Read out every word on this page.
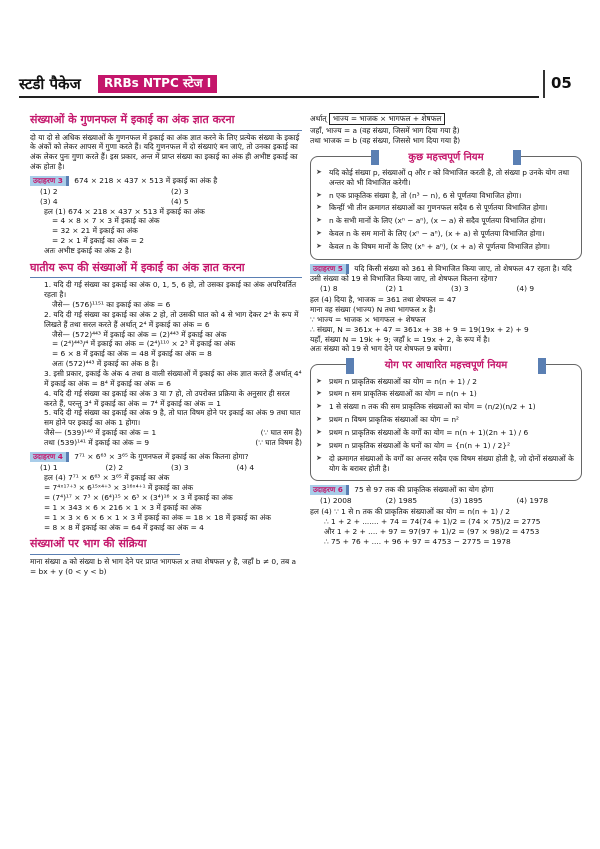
स्टडी पैकेज	RRBs NTPC स्टेज I	05
संख्याओं के गुणनफल में इकाई का अंक ज्ञात करना
दो या दो से अधिक संख्याओं के गुणनफल में इकाई का अंक ज्ञात करने के लिए प्रत्येक संख्या के इकाई के अंकों को लेकर आपस में गुणा करते हैं। यदि गुणनफल में दो संख्याएं बन जाएं, तो उनका इकाई का अंक लेकर पुनः गुणा करते हैं। इस प्रकार, अन्त में प्राप्त संख्या का इकाई का अंक ही अभीष्ट इकाई का अंक होता है।
उदाहरण 3 674 × 218 × 437 × 513 में इकाई का अंक है
(1) 2	(2) 3
(3) 4	(4) 5
हल (1) 674 × 218 × 437 × 513 में इकाई का अंक
= 4 × 8 × 7 × 3 में इकाई का अंक
= 32 × 21 में इकाई का अंक
= 2 × 1 में इकाई का अंक = 2
अतः अभीष्ट इकाई का अंक 2 है।
घातीय रूप की संख्याओं में इकाई का अंक ज्ञात करना
1. यदि दी गई संख्या का इकाई का अंक 0, 1, 5, 6 हो, तो उसका इकाई का अंक अपरिवर्तित रहता है।
जैसे— (576)¹¹⁵¹ का इकाई का अंक = 6
2. यदि दी गई संख्या का इकाई का अंक 2 हो, तो उसकी घात को 4 से भाग देकर 2⁴ के रूप में लिखते हैं तथा सरल करते हैं अर्थात् 2⁴ में इकाई का अंक = 6
जैसे— (572)⁴⁴³ में इकाई का अंक = (2)⁴⁴³ में इकाई का अंक
= (2⁴)⁴⁴³/⁴ में इकाई का अंक = (2⁴)¹¹⁰ × 2³ में इकाई का अंक
= 6 × 8 में इकाई का अंक = 48 में इकाई का अंक = 8
अतः (572)⁴⁴³ में इकाई का अंक 8 है।
3. इसी प्रकार, इकाई के अंक 4 तथा 8 वाली संख्याओं में इकाई का अंक ज्ञात करते हैं अर्थात् 4⁴ में इकाई का अंक = 8⁴ में इकाई का अंक = 6
4. यदि दी गई संख्या का इकाई का अंक 3 या 7 हो, तो उपरोक्त प्रक्रिया के अनुसार ही सरल करते हैं, परन्तु 3⁴ में इकाई का अंक = 7⁴ में इकाई का अंक = 1
5. यदि दी गई संख्या का इकाई का अंक 9 है, तो घात विषम होने पर इकाई का अंक 9 तथा घात सम होने पर इकाई का अंक 1 होगा।
जैसे— (539)¹⁴⁰ में इकाई का अंक = 1	(∵ घात सम है)
तथा (539)¹⁴¹ में इकाई का अंक = 9	(∵ घात विषम है)
उदाहरण 4 7⁷¹ × 6⁶³ × 3⁶⁵ के गुणनफल में इकाई का अंक कितना होगा?
(1) 1	(2) 2	(3) 3	(4) 4
हल (4) 7⁷¹ × 6⁶³ × 3⁶⁵ में इकाई का अंक
= 7⁴ˣ¹⁷⁺³ × 6¹⁵ˣ⁴⁺³ × 3¹⁶ˣ⁴⁺¹ में इकाई का अंक
= (7⁴)¹⁷ × 7³ × (6⁴)¹⁵ × 6³ × (3⁴)¹⁶ × 3 में इकाई का अंक
= 1 × 343 × 6 × 216 × 1 × 3 में इकाई का अंक
= 1 × 3 × 6 × 6 × 1 × 3 में इकाई का अंक = 18 × 18 में इकाई का अंक
= 8 × 8 में इकाई का अंक = 64 में इकाई का अंक = 4
संख्याओं पर भाग की संक्रिया
माना संख्या a को संख्या b से भाग देने पर प्राप्त भागफल x तथा शेषफल y है, जहाँ b ≠ 0, तब a = bx + y (0 < y < b)
अर्थात् भाज्य = भाजक × भागफल + शेषफल
जहाँ, भाज्य = a (वह संख्या, जिसमें भाग दिया गया है)
तथा भाजक = b (वह संख्या, जिससे भाग दिया गया है)
कुछ महत्त्वपूर्ण नियम
➤ यदि कोई संख्या p, संख्याओं q और r को विभाजित करती है, तो संख्या p उनके योग तथा अन्तर को भी विभाजित करेगी।
➤ n एक प्राकृतिक संख्या है, तो (n³ − n), 6 से पूर्णतया विभाजित होगा।
➤ किन्हीं भी तीन क्रमागत संख्याओं का गुणनफल सदैव 6 से पूर्णतया विभाजित होगा।
➤ n के सभी मानों के लिए (xⁿ − aⁿ), (x − a) से सदैव पूर्णतया विभाजित होगा।
➤ केवल n के सम मानों के लिए (xⁿ − aⁿ), (x + a) से पूर्णतया विभाजित होगा।
➤ केवल n के विषम मानों के लिए (xⁿ + aⁿ), (x + a) से पूर्णतया विभाजित होगा।
उदाहरण 5 यदि किसी संख्या को 361 से विभाजित किया जाए, तो शेषफल 47 रहता है। यदि उसी संख्या को 19 से विभाजित किया जाए, तो शेषफल कितना रहेगा?
(1) 8	(2) 1	(3) 3	(4) 9
हल (4) दिया है, भाजक = 361 तथा शेषफल = 47
माना वह संख्या (भाज्य) N तथा भागफल x है।
∵ भाज्य = भाजक × भागफल + शेषफल
∴ संख्या, N = 361x + 47 = 361x + 38 + 9 = 19(19x + 2) + 9
यहाँ, संख्या N = 19k + 9; जहाँ k = 19x + 2, के रूप में है।
अतः संख्या को 19 से भाग देने पर शेषफल 9 बचेगा।
योग पर आधारित महत्त्वपूर्ण नियम
➤ प्रथम n प्राकृतिक संख्याओं का योग = n(n + 1) / 2
➤ प्रथम n सम प्राकृतिक संख्याओं का योग = n(n + 1)
➤ 1 से संख्या n तक की सम प्राकृतिक संख्याओं का योग = (n/2)(n/2 + 1)
➤ प्रथम n विषम प्राकृतिक संख्याओं का योग = n²
➤ प्रथम n प्राकृतिक संख्याओं के वर्गों का योग = n(n + 1)(2n + 1) / 6
➤ प्रथम n प्राकृतिक संख्याओं के घनों का योग = {n(n + 1) / 2}²
➤ दो क्रमागत संख्याओं के वर्गों का अन्तर सदैव एक विषम संख्या होती है, जो दोनों संख्याओं के योग के बराबर होती है।
उदाहरण 6 75 से 97 तक की प्राकृतिक संख्याओं का योग होगा
(1) 2008	(2) 1985	(3) 1895	(4) 1978
हल (4) ∵ 1 से n तक की प्राकृतिक संख्याओं का योग = n(n + 1) / 2
∴ 1 + 2 + ....... + 74 = 74(74 + 1)/2 = (74 × 75)/2 = 2775
और 1 + 2 + .... + 97 = 97(97 + 1)/2 = (97 × 98)/2 = 4753
∴ 75 + 76 + .... + 96 + 97 = 4753 − 2775 = 1978
